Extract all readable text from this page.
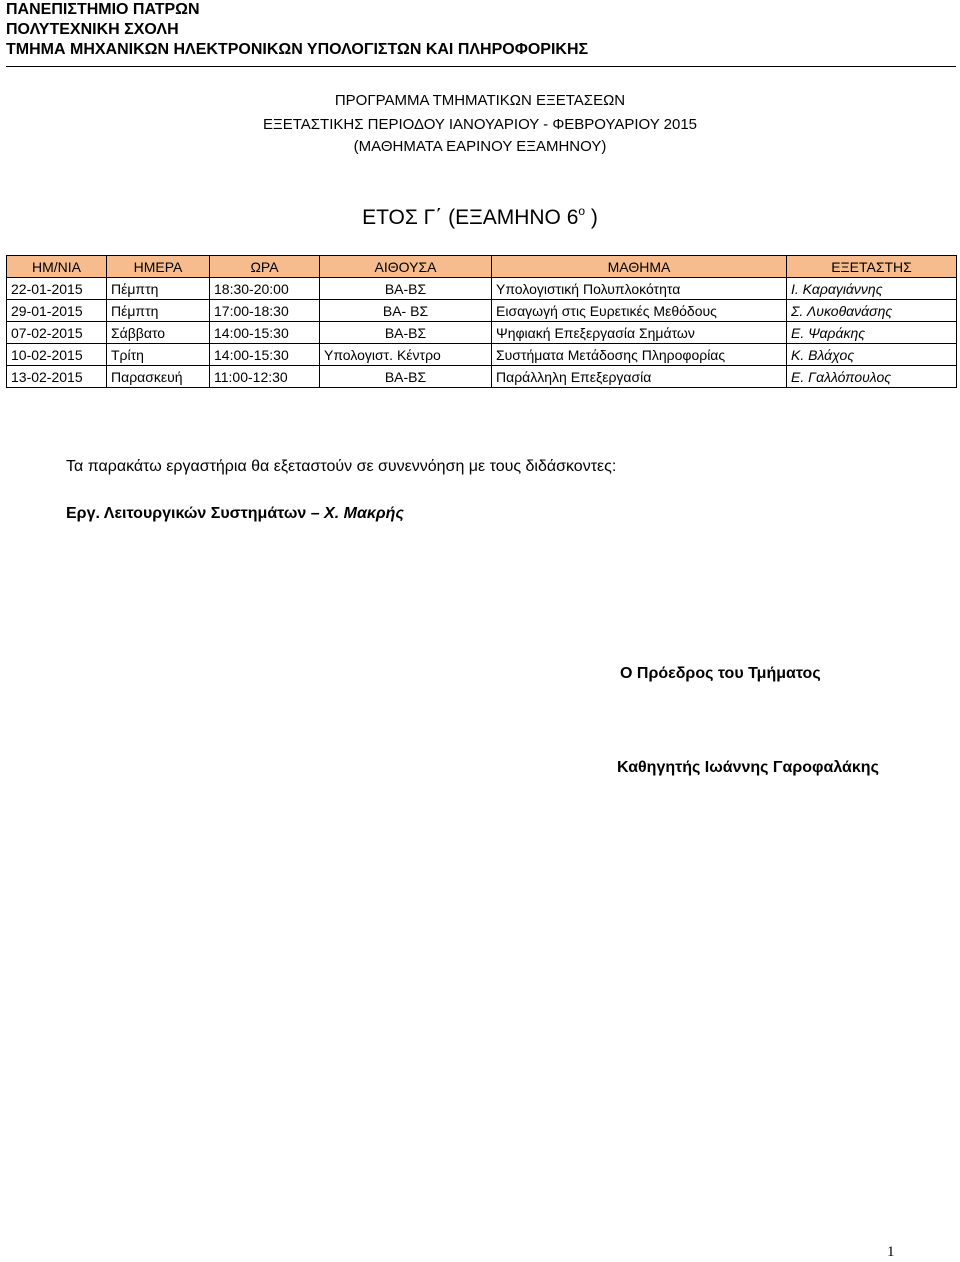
ΠΑΝΕΠΙΣΤΗΜΙΟ ΠΑΤΡΩΝ
ΠΟΛΥΤΕΧΝΙΚΗ ΣΧΟΛΗ
ΤΜΗΜΑ ΜΗΧΑΝΙΚΩΝ ΗΛΕΚΤΡΟΝΙΚΩΝ ΥΠΟΛΟΓΙΣΤΩΝ ΚΑΙ ΠΛΗΡΟΦΟΡΙΚΗΣ
ΠΡΟΓΡΑΜΜΑ ΤΜΗΜΑΤΙΚΩΝ ΕΞΕΤΑΣΕΩΝ
ΕΞΕΤΑΣΤΙΚΗΣ ΠΕΡΙΟΔΟΥ ΙΑΝΟΥΑΡΙΟΥ - ΦΕΒΡΟΥΑΡΙΟΥ 2015
(ΜΑΘΗΜΑΤΑ ΕΑΡΙΝΟΥ ΕΞΑΜΗΝΟΥ)
ΕΤΟΣ Γ΄ (ΕΞΑΜΗΝΟ $6^o$ )
ΗΜ/ΝΙΑ	ΗΜΕΡΑ	ΩΡΑ	ΑΙΘΟΥΣΑ	ΜΑΘΗΜΑ	ΕΞΕΤΑΣΤΗΣ
22-01-2015	Πέμπτη	18:30-20:00	ΒΑ-ΒΣ	Υπολογιστική Πολυπλοκότητα	Ι. Καραγιάννης
29-01-2015	Πέμπτη	17:00-18:30	ΒΑ- ΒΣ	Εισαγωγή στις Ευρετικές Μεθόδους	Σ. Λυκοθανάσης
07-02-2015	Σάββατο	14:00-15:30	ΒΑ-ΒΣ	Ψηφιακή Επεξεργασία Σημάτων	Ε. Ψαράκης
10-02-2015	Τρίτη	14:00-15:30	Υπολογιστ. Κέντρο	Συστήματα Μετάδοσης Πληροφορίας	Κ. Βλάχος
13-02-2015	Παρασκευή	11:00-12:30	ΒΑ-ΒΣ	Παράλληλη Επεξεργασία	Ε. Γαλλόπουλος
Τα παρακάτω εργαστήρια θα εξεταστούν σε συνεννόηση με τους διδάσκοντες:
Εργ. Λειτουργικών Συστημάτων – Χ. Μακρής
Ο Πρόεδρος του Τμήματος
Καθηγητής Ιωάννης Γαροφαλάκης
1
